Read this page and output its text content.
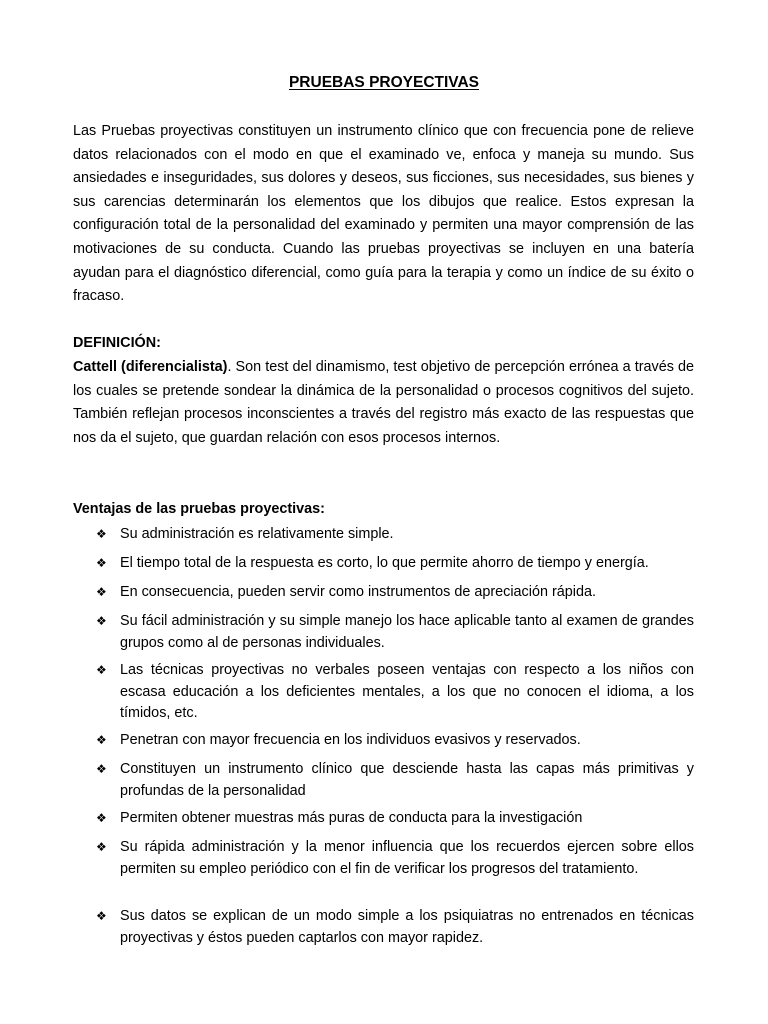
PRUEBAS PROYECTIVAS

Las Pruebas proyectivas constituyen un instrumento clínico que con frecuencia pone de relieve datos relacionados con el modo en que el examinado ve, enfoca y maneja su mundo. Sus ansiedades e inseguridades, sus dolores y deseos, sus ficciones, sus necesidades, sus bienes y sus carencias determinarán los elementos que los dibujos que realice. Estos expresan la configuración total de la personalidad del examinado y permiten una mayor comprensión de las motivaciones de su conducta. Cuando las pruebas proyectivas se incluyen en una batería ayudan para el diagnóstico diferencial, como guía para la terapia y como un índice de su éxito o fracaso.

DEFINICIÓN:

Cattell (diferencialista). Son test del dinamismo, test objetivo de percepción errónea a través de los cuales se pretende sondear la dinámica de la personalidad o procesos cognitivos del sujeto. También reflejan procesos inconscientes a través del registro más exacto de las respuestas que nos da el sujeto, que guardan relación con esos procesos internos.

Ventajas de las pruebas proyectivas:

❖ Su administración es relativamente simple.
❖ El tiempo total de la respuesta es corto, lo que permite ahorro de tiempo y energía.
❖ En consecuencia, pueden servir como instrumentos de apreciación rápida.
❖ Su fácil administración y su simple manejo los hace aplicable tanto al examen de grandes grupos como al de personas individuales.
❖ Las técnicas proyectivas no verbales poseen ventajas con respecto a los niños con escasa educación a los deficientes mentales, a los que no conocen el idioma, a los tímidos, etc.
❖ Penetran con mayor frecuencia en los individuos evasivos y reservados.
❖ Constituyen un instrumento clínico que desciende hasta las capas más primitivas y profundas de la personalidad
❖ Permiten obtener muestras más puras de conducta para la investigación
❖ Su rápida administración y la menor influencia que los recuerdos ejercen sobre ellos permiten su empleo periódico con el fin de verificar los progresos del tratamiento.
❖ Sus datos se explican de un modo simple a los psiquiatras no entrenados en técnicas proyectivas y éstos pueden captarlos con mayor rapidez.
